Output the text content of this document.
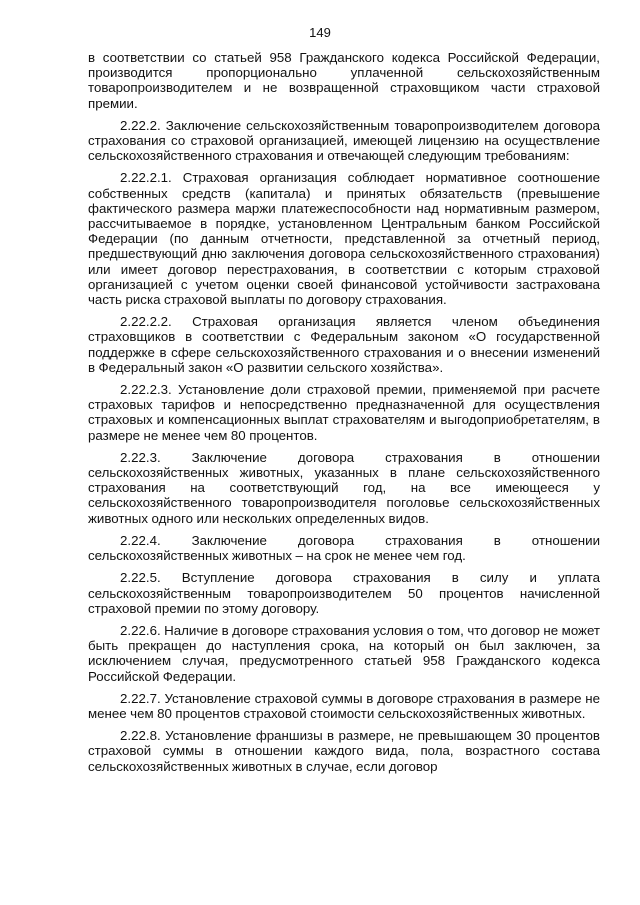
149

в соответствии со статьей 958 Гражданского кодекса Российской Федерации, производится пропорционально уплаченной сельскохозяйственным товаропроизводителем и не возвращенной страховщиком части страховой премии.

2.22.2. Заключение сельскохозяйственным товаропроизводителем договора страхования со страховой организацией, имеющей лицензию на осуществление сельскохозяйственного страхования и отвечающей следующим требованиям:

2.22.2.1. Страховая организация соблюдает нормативное соотношение собственных средств (капитала) и принятых обязательств (превышение фактического размера маржи платежеспособности над нормативным размером, рассчитываемое в порядке, установленном Центральным банком Российской Федерации (по данным отчетности, представленной за отчетный период, предшествующий дню заключения договора сельскохозяйственного страхования) или имеет договор перестрахования, в соответствии с которым страховой организацией с учетом оценки своей финансовой устойчивости застрахована часть риска страховой выплаты по договору страхования.

2.22.2.2. Страховая организация является членом объединения страховщиков в соответствии с Федеральным законом «О государственной поддержке в сфере сельскохозяйственного страхования и о внесении изменений в Федеральный закон «О развитии сельского хозяйства».

2.22.2.3. Установление доли страховой премии, применяемой при расчете страховых тарифов и непосредственно предназначенной для осуществления страховых и компенсационных выплат страхователям и выгодоприобретателям, в размере не менее чем 80 процентов.

2.22.3. Заключение договора страхования в отношении сельскохозяйственных животных, указанных в плане сельскохозяйственного страхования на соответствующий год, на все имеющееся у сельскохозяйственного товаропроизводителя поголовье сельскохозяйственных животных одного или нескольких определенных видов.

2.22.4. Заключение договора страхования в отношении сельскохозяйственных животных – на срок не менее чем год.

2.22.5. Вступление договора страхования в силу и уплата сельскохозяйственным товаропроизводителем 50 процентов начисленной страховой премии по этому договору.

2.22.6. Наличие в договоре страхования условия о том, что договор не может быть прекращен до наступления срока, на который он был заключен, за исключением случая, предусмотренного статьей 958 Гражданского кодекса Российской Федерации.

2.22.7. Установление страховой суммы в договоре страхования в размере не менее чем 80 процентов страховой стоимости сельскохозяйственных животных.

2.22.8. Установление франшизы в размере, не превышающем 30 процентов страховой суммы в отношении каждого вида, пола, возрастного состава сельскохозяйственных животных в случае, если договор
